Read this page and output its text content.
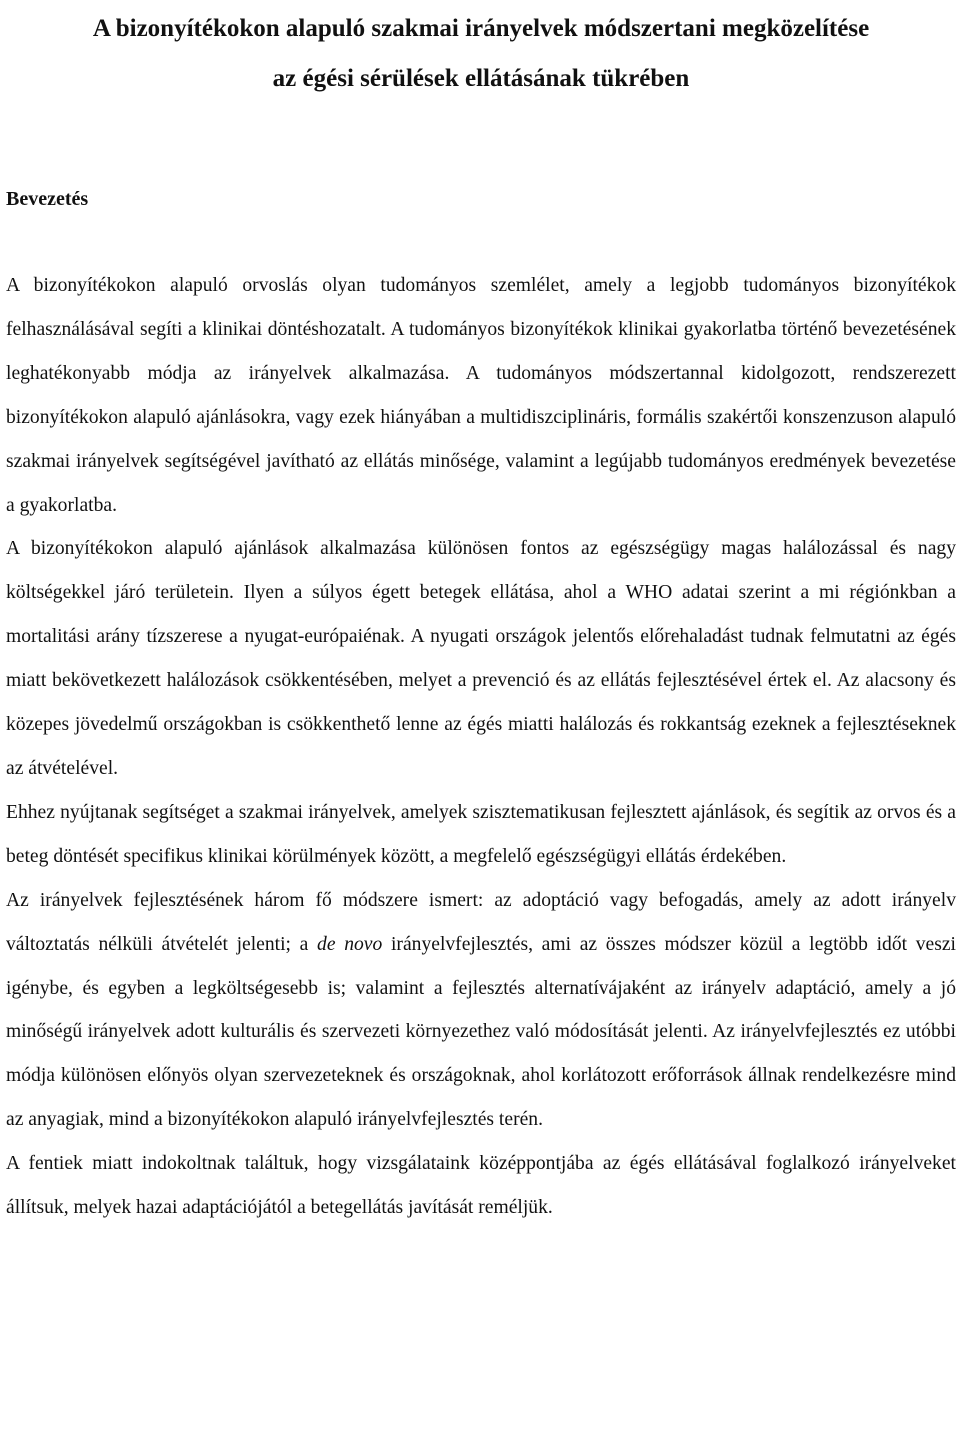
A bizonyítékokon alapuló szakmai irányelvek módszertani megközelítése
az égési sérülések ellátásának tükrében
Bevezetés

A bizonyítékokon alapuló orvoslás olyan tudományos szemlélet, amely a legjobb tudományos bizonyítékok felhasználásával segíti a klinikai döntéshozatalt. A tudományos bizonyítékok klinikai gyakorlatba történő bevezetésének leghatékonyabb módja az irányelvek alkalmazása. A tudományos módszertannal kidolgozott, rendszerezett bizonyítékokon alapuló ajánlásokra, vagy ezek hiányában a multidiszciplináris, formális szakértői konszenzuson alapuló szakmai irányelvek segítségével javítható az ellátás minősége, valamint a legújabb tudományos eredmények bevezetése a gyakorlatba.

A bizonyítékokon alapuló ajánlások alkalmazása különösen fontos az egészségügy magas halálozással és nagy költségekkel járó területein. Ilyen a súlyos égett betegek ellátása, ahol a WHO adatai szerint a mi régiónkban a mortalitási arány tízszerese a nyugat-európaiénak. A nyugati országok jelentős előrehaladást tudnak felmutatni az égés miatt bekövetkezett halálozások csökkentésében, melyet a prevenció és az ellátás fejlesztésével értek el. Az alacsony és közepes jövedelmű országokban is csökkenthető lenne az égés miatti halálozás és rokkantság ezeknek a fejlesztéseknek az átvételével.

Ehhez nyújtanak segítséget a szakmai irányelvek, amelyek szisztematikusan fejlesztett ajánlások, és segítik az orvos és a beteg döntését specifikus klinikai körülmények között, a megfelelő egészségügyi ellátás érdekében.

Az irányelvek fejlesztésének három fő módszere ismert: az adoptáció vagy befogadás, amely az adott irányelv változtatás nélküli átvételét jelenti; a de novo irányelvfejlesztés, ami az összes módszer közül a legtöbb időt veszi igénybe, és egyben a legköltségesebb is; valamint a fejlesztés alternatívájaként az irányelv adaptáció, amely a jó minőségű irányelvek adott kulturális és szervezeti környezethez való módosítását jelenti. Az irányelvfejlesztés ez utóbbi módja különösen előnyös olyan szervezeteknek és országoknak, ahol korlátozott erőforrások állnak rendelkezésre mind az anyagiak, mind a bizonyítékokon alapuló irányelvfejlesztés terén.

A fentiek miatt indokoltnak találtuk, hogy vizsgálataink középpontjába az égés ellátásával foglalkozó irányelveket állítsuk, melyek hazai adaptációjától a betegellátás javítását reméljük.
